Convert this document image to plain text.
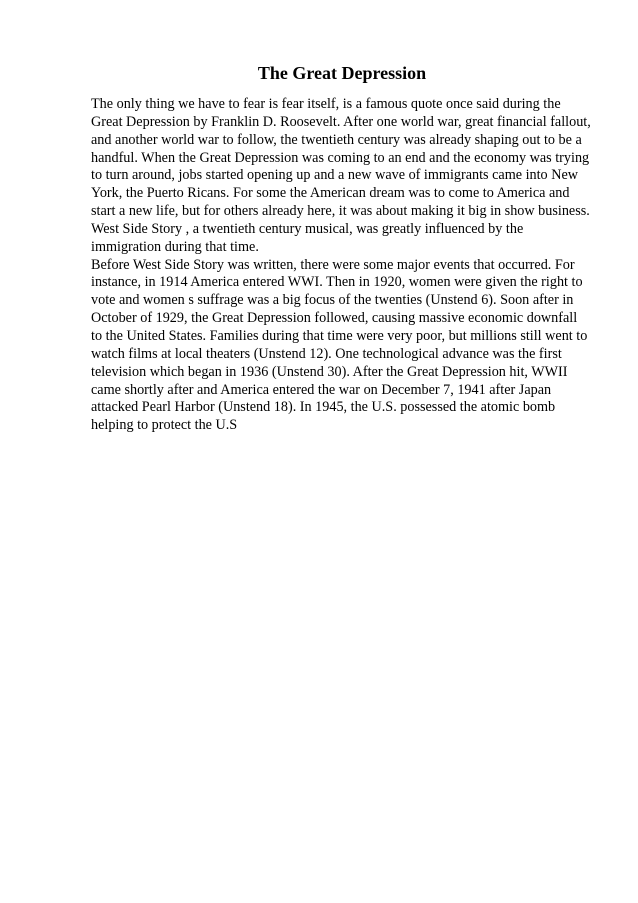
The Great Depression

The only thing we have to fear is fear itself, is a famous quote once said during the Great Depression by Franklin D. Roosevelt. After one world war, great financial fallout, and another world war to follow, the twentieth century was already shaping out to be a handful. When the Great Depression was coming to an end and the economy was trying to turn around, jobs started opening up and a new wave of immigrants came into New York, the Puerto Ricans. For some the American dream was to come to America and start a new life, but for others already here, it was about making it big in show business. West Side Story , a twentieth century musical, was greatly influenced by the immigration during that time.

Before West Side Story was written, there were some major events that occurred. For instance, in 1914 America entered WWI. Then in 1920, women were given the right to vote and women s suffrage was a big focus of the twenties (Unstend 6). Soon after in October of 1929, the Great Depression followed, causing massive economic downfall to the United States. Families during that time were very poor, but millions still went to watch films at local theaters (Unstend 12). One technological advance was the first television which began in 1936 (Unstend 30). After the Great Depression hit, WWII came shortly after and America entered the war on December 7, 1941 after Japan attacked Pearl Harbor (Unstend 18). In 1945, the U.S. possessed the atomic bomb helping to protect the U.S
